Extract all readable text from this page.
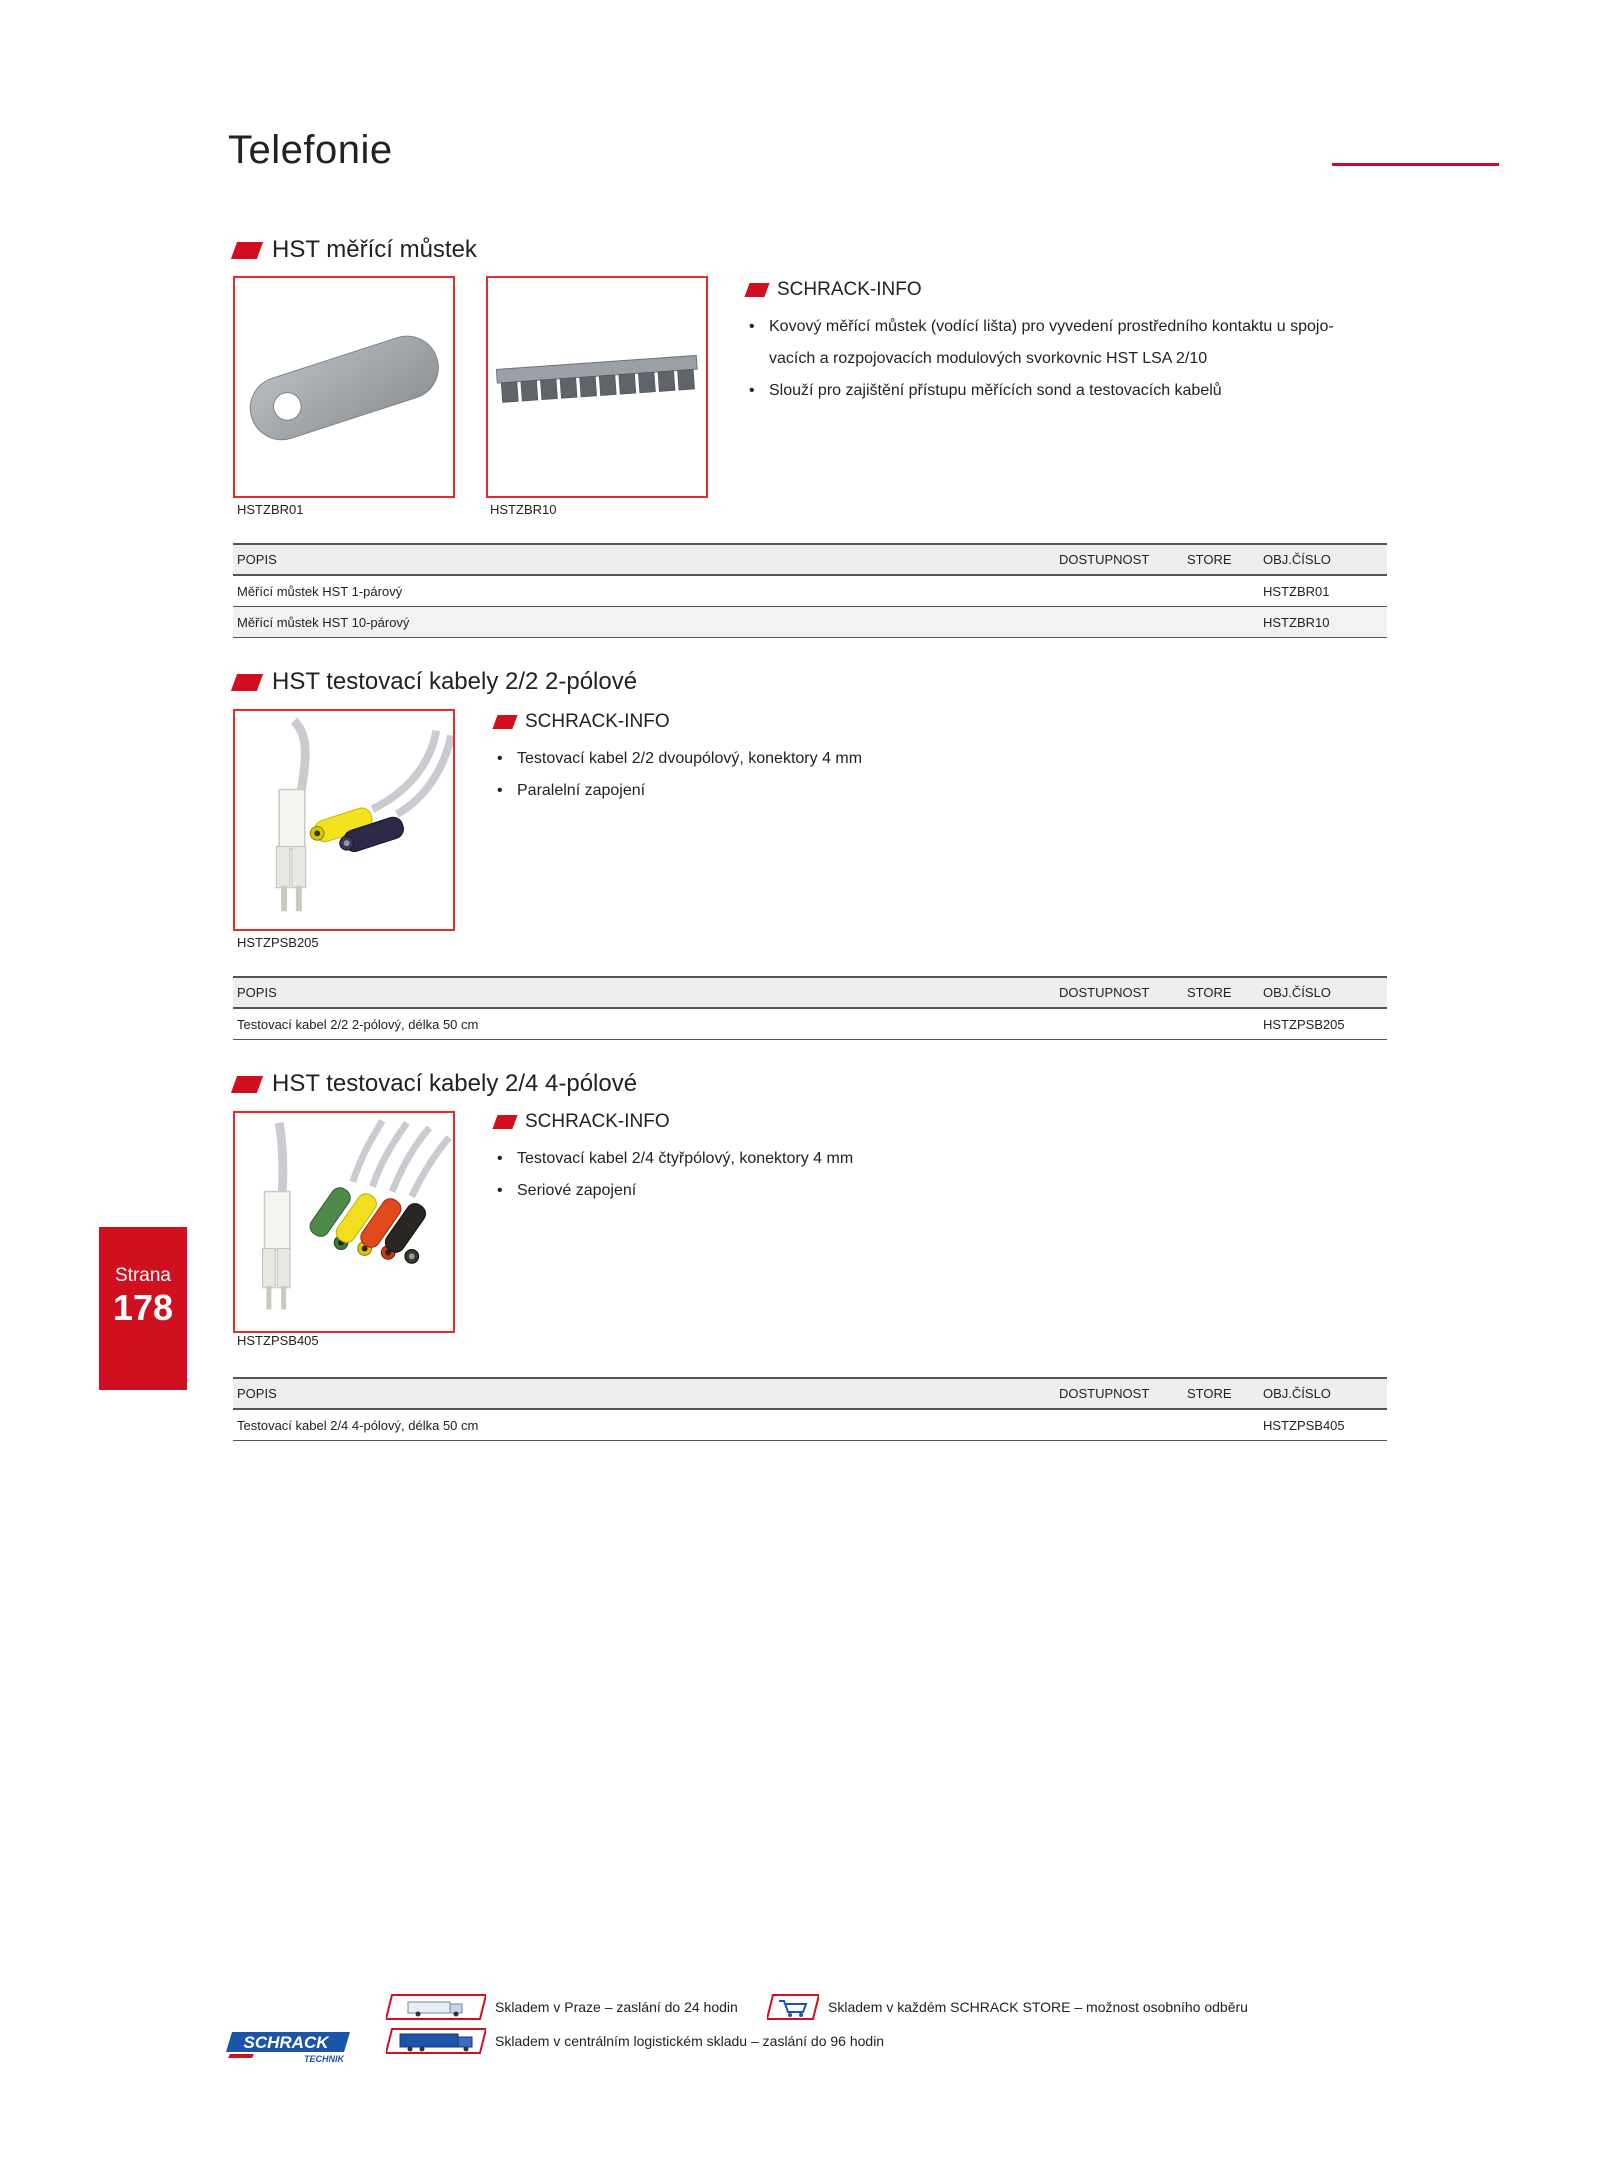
Telefonie
HST měřící můstek
HSTZBR01	HSTZBR10
SCHRACK-INFO
• Kovový měřící můstek (vodící lišta) pro vyvedení prostředního kontaktu u spojo-
vacích a rozpojovacích modulových svorkovnic HST LSA 2/10
• Slouží pro zajištění přístupu měřících sond a testovacích kabelů
POPIS	DOSTUPNOST	STORE	OBJ.ČÍSLO
Měřící můstek HST 1-párový	HSTZBR01
Měřící můstek HST 10-párový	HSTZBR10
HST testovací kabely 2/2 2-pólové
HSTZPSB205
SCHRACK-INFO
• Testovací kabel 2/2 dvoupólový, konektory 4 mm
• Paralelní zapojení
POPIS	DOSTUPNOST	STORE	OBJ.ČÍSLO
Testovací kabel 2/2 2-pólový, délka 50 cm	HSTZPSB205
HST testovací kabely 2/4 4-pólové
HSTZPSB405
SCHRACK-INFO
• Testovací kabel 2/4 čtyřpólový, konektory 4 mm
• Seriové zapojení
POPIS	DOSTUPNOST	STORE	OBJ.ČÍSLO
Testovací kabel 2/4 4-pólový, délka 50 cm	HSTZPSB405
Strana
178
SCHRACK
TECHNIK
Skladem v Praze – zaslání do 24 hodin	Skladem v každém SCHRACK STORE – možnost osobního odběru
Skladem v centrálním logistickém skladu – zaslání do 96 hodin
